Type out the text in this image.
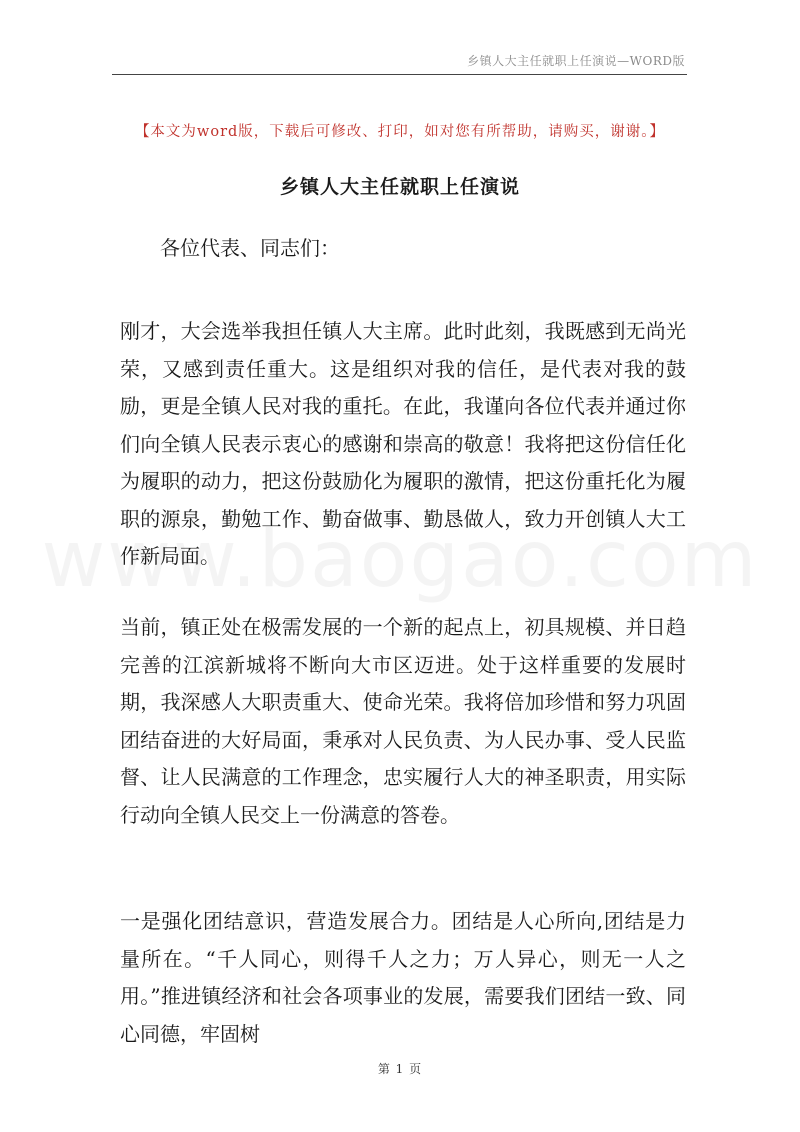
乡镇人大主任就职上任演说—WORD版
【本文为word版，下载后可修改、打印，如对您有所帮助，请购买，谢谢。】
乡镇人大主任就职上任演说
各位代表、同志们：

刚才，大会选举我担任镇人大主席。此时此刻，我既感到无尚光荣，又感到责任重大。这是组织对我的信任，是代表对我的鼓励，更是全镇人民对我的重托。在此，我谨向各位代表并通过你们向全镇人民表示衷心的感谢和崇高的敬意！我将把这份信任化为履职的动力，把这份鼓励化为履职的激情，把这份重托化为履职的源泉，勤勉工作、勤奋做事、勤恳做人，致力开创镇人大工作新局面。

当前，镇正处在极需发展的一个新的起点上，初具规模、并日趋完善的江滨新城将不断向大市区迈进。处于这样重要的发展时期，我深感人大职责重大、使命光荣。我将倍加珍惜和努力巩固团结奋进的大好局面，秉承对人民负责、为人民办事、受人民监督、让人民满意的工作理念，忠实履行人大的神圣职责，用实际行动向全镇人民交上一份满意的答卷。

一是强化团结意识，营造发展合力。团结是人心所向,团结是力量所在。“千人同心，则得千人之力；万人异心，则无一人之用。”推进镇经济和社会各项事业的发展，需要我们团结一致、同心同德，牢固树

第 1 页
